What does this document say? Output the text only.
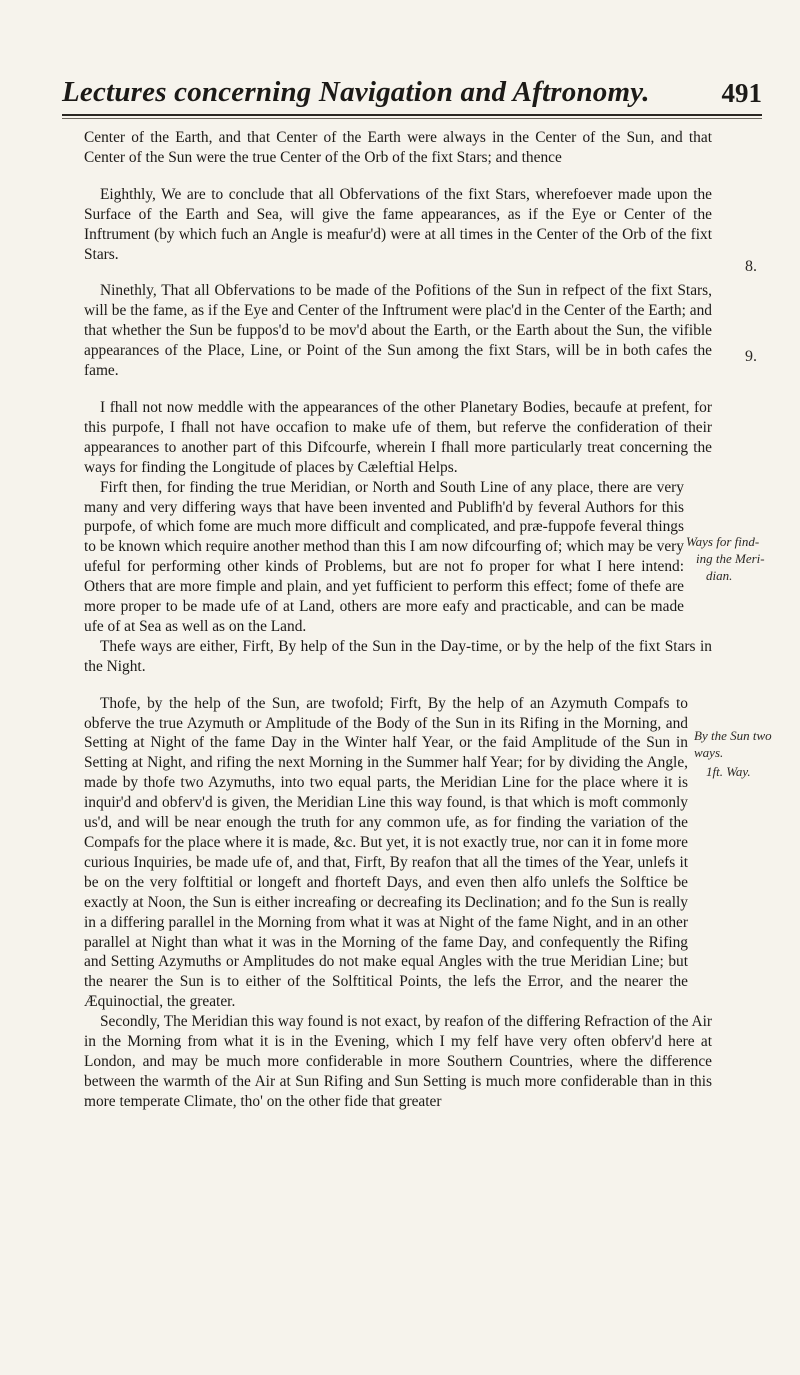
Lectures concerning Navigation and Aftronomy.	491
8.
9.
Ways for find-
ing the Meri-
dian.
By the Sun two
ways.
1ft. Way.

Center of the Earth, and that Center of the Earth were always in the Center of the Sun, and that Center of the Sun were the true Center of the Orb of the fixt Stars; and thence

Eighthly, We are to conclude that all Obfervations of the fixt Stars, wherefoever made upon the Surface of the Earth and Sea, will give the fame appearances, as if the Eye or Center of the Inftrument (by which fuch an Angle is meafur'd) were at all times in the Center of the Orb of the fixt Stars.

Ninethly, That all Obfervations to be made of the Pofitions of the Sun in refpect of the fixt Stars, will be the fame, as if the Eye and Center of the Inftrument were plac'd in the Center of the Earth; and that whether the Sun be fuppos'd to be mov'd about the Earth, or the Earth about the Sun, the vifible appearances of the Place, Line, or Point of the Sun among the fixt Stars, will be in both cafes the fame.

I fhall not now meddle with the appearances of the other Planetary Bodies, becaufe at prefent, for this purpofe, I fhall not have occafion to make ufe of them, but referve the confideration of their appearances to another part of this Difcourfe, wherein I fhall more particularly treat concerning the ways for finding the Longitude of places by Cæleftial Helps.

Firft then, for finding the true Meridian, or North and South Line of any place, there are very many and very differing ways that have been invented and Publifh'd by feveral Authors for this purpofe, of which fome are much more difficult and complicated, and præ-fuppofe feveral things to be known which require another method than this I am now difcourfing of; which may be very ufeful for performing other kinds of Problems, but are not fo proper for what I here intend: Others that are more fimple and plain, and yet fufficient to perform this effect; fome of thefe are more proper to be made ufe of at Land, others are more eafy and practicable, and can be made ufe of at Sea as well as on the Land.

Thefe ways are either, Firft, By help of the Sun in the Day-time, or by the help of the fixt Stars in the Night.

Thofe, by the help of the Sun, are twofold; Firft, By the help of an Azymuth Compafs to obferve the true Azymuth or Amplitude of the Body of the Sun in its Rifing in the Morning, and Setting at Night of the fame Day in the Winter half Year, or the faid Amplitude of the Sun in Setting at Night, and rifing the next Morning in the Summer half Year; for by dividing the Angle, made by thofe two Azymuths, into two equal parts, the Meridian Line for the place where it is inquir'd and obferv'd is given, the Meridian Line this way found, is that which is moft commonly us'd, and will be near enough the truth for any common ufe, as for finding the variation of the Compafs for the place where it is made, &c. But yet, it is not exactly true, nor can it in fome more curious Inquiries, be made ufe of, and that, Firft, By reafon that all the times of the Year, unlefs it be on the very folftitial or longeft and fhorteft Days, and even then alfo unlefs the Solftice be exactly at Noon, the Sun is either increafing or decreafing its Declination; and fo the Sun is really in a differing parallel in the Morning from what it was at Night of the fame Night, and in an other parallel at Night than what it was in the Morning of the fame Day, and confequently the Rifing and Setting Azymuths or Amplitudes do not make equal Angles with the true Meridian Line; but the nearer the Sun is to either of the Solftitical Points, the lefs the Error, and the nearer the Æquinoctial, the greater.

Secondly, The Meridian this way found is not exact, by reafon of the differing Refraction of the Air in the Morning from what it is in the Evening, which I my felf have very often obferv'd here at London, and may be much more confiderable in more Southern Countries, where the difference between the warmth of the Air at Sun Rifing and Sun Setting is much more confiderable than in this more temperate Climate, tho' on the other fide that greater
